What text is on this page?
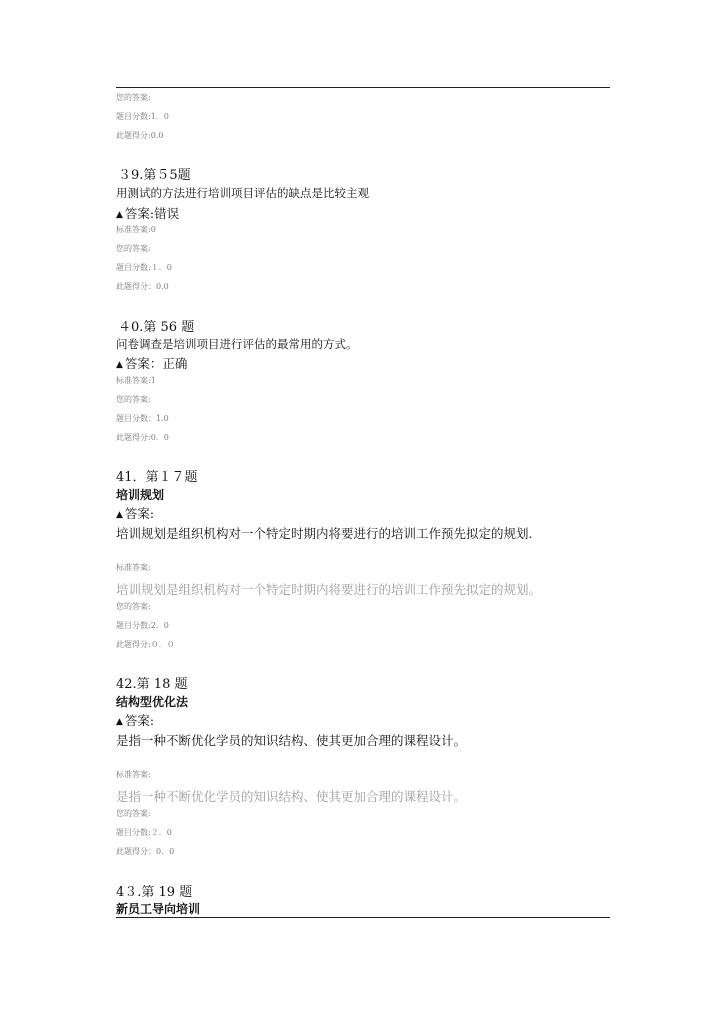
您的答案:
题目分数:1．0
此题得分:0.0
３9.第５5题
用测试的方法进行培训项目评估的缺点是比较主观
▲ 答案:错误
标准答案:0
您的答案:
题目分数:１．0
此题得分：0.0
４0.第 56 题
问卷调查是培训项目进行评估的最常用的方式。
▲ 答案：正确
标准答案:1
您的答案:
题目分数：1.0
此题得分:0．0
41．第１７题
培训规划
▲ 答案:
培训规划是组织机构对一个特定时期内将要进行的培训工作预先拟定的规划.
标准答案:
培训规划是组织机构对一个特定时期内将要进行的培训工作预先拟定的规划。
您的答案:
题目分数:2．0
此题得分:０．０
42.第 18 题
结构型优化法
▲ 答案:
是指一种不断优化学员的知识结构、使其更加合理的课程设计。
标准答案:
是指一种不断优化学员的知识结构、使其更加合理的课程设计。
您的答案:
题目分数:２．0
此题得分：0．0
4３.第 19 题
新员工导向培训
